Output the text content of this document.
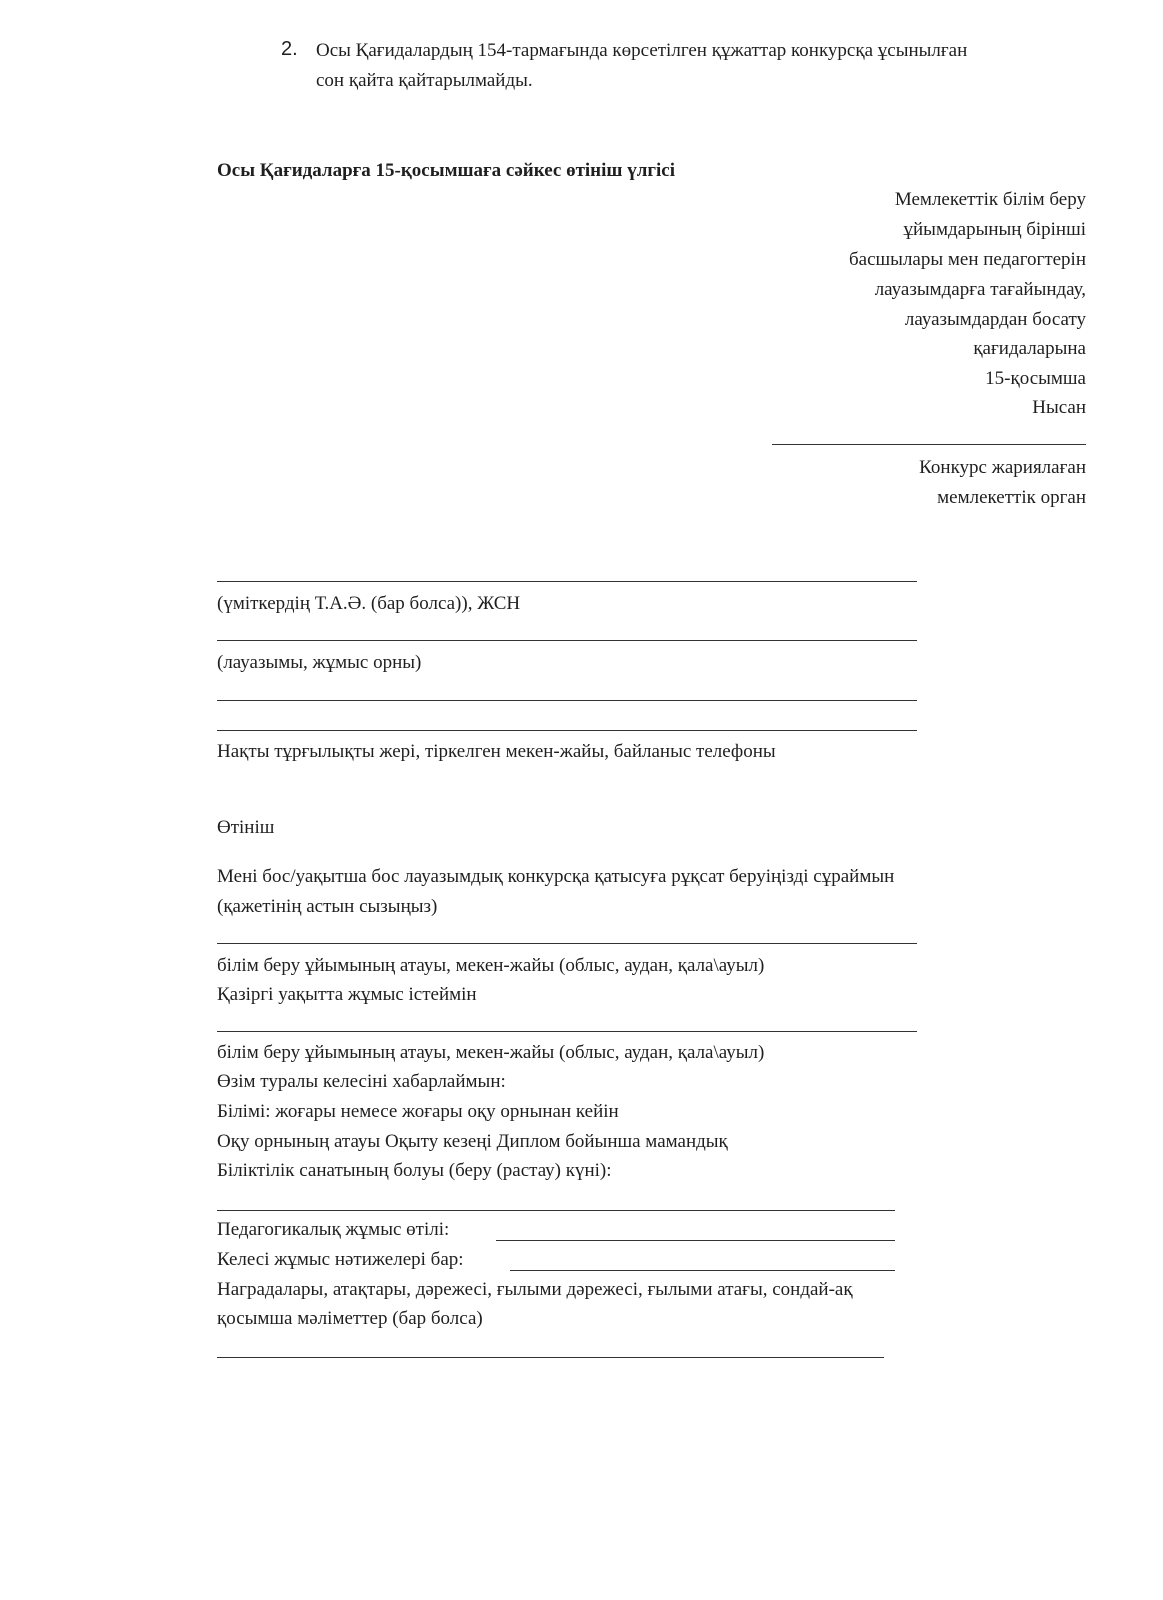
2. Осы Қағидалардың 154-тармағында көрсетілген құжаттар конкурсқа ұсынылған
сон қайта қайтарылмайды.
Осы Қағидаларға 15-қосымшаға сәйкес өтініш үлгісі
Мемлекеттік білім беру
ұйымдарының бірінші
басшылары мен педагогтерін
лауазымдарға тағайындау,
лауазымдардан босату
қағидаларына
15-қосымша
Нысан
Конкурс жариялаған
мемлекеттік орган
(үміткердің Т.А.Ә. (бар болса)), ЖСН
(лауазымы, жұмыс орны)
Нақты тұрғылықты жері, тіркелген мекен-жайы, байланыс телефоны
Өтініш
Мені бос/уақытша бос лауазымдық конкурсқа қатысуға рұқсат беруіңізді сұраймын
(қажетінің астын сызыңыз)
білім беру ұйымының атауы, мекен-жайы (облыс, аудан, қала\ауыл)
Қазіргі уақытта жұмыс істеймін
білім беру ұйымының атауы, мекен-жайы (облыс, аудан, қала\ауыл)
Өзім туралы келесіні хабарлаймын:
Білімі: жоғары немесе жоғары оқу орнынан кейін
Оқу орнының атауы Оқыту кезеңі Диплом бойынша мамандық
Біліктілік санатының болуы (беру (растау) күні):
Педагогикалық жұмыс өтілі:
Келесі жұмыс нәтижелері бар:
Наградалары, атақтары, дәрежесі, ғылыми дәрежесі, ғылыми атағы, сондай-ақ
қосымша мәліметтер (бар болса)
